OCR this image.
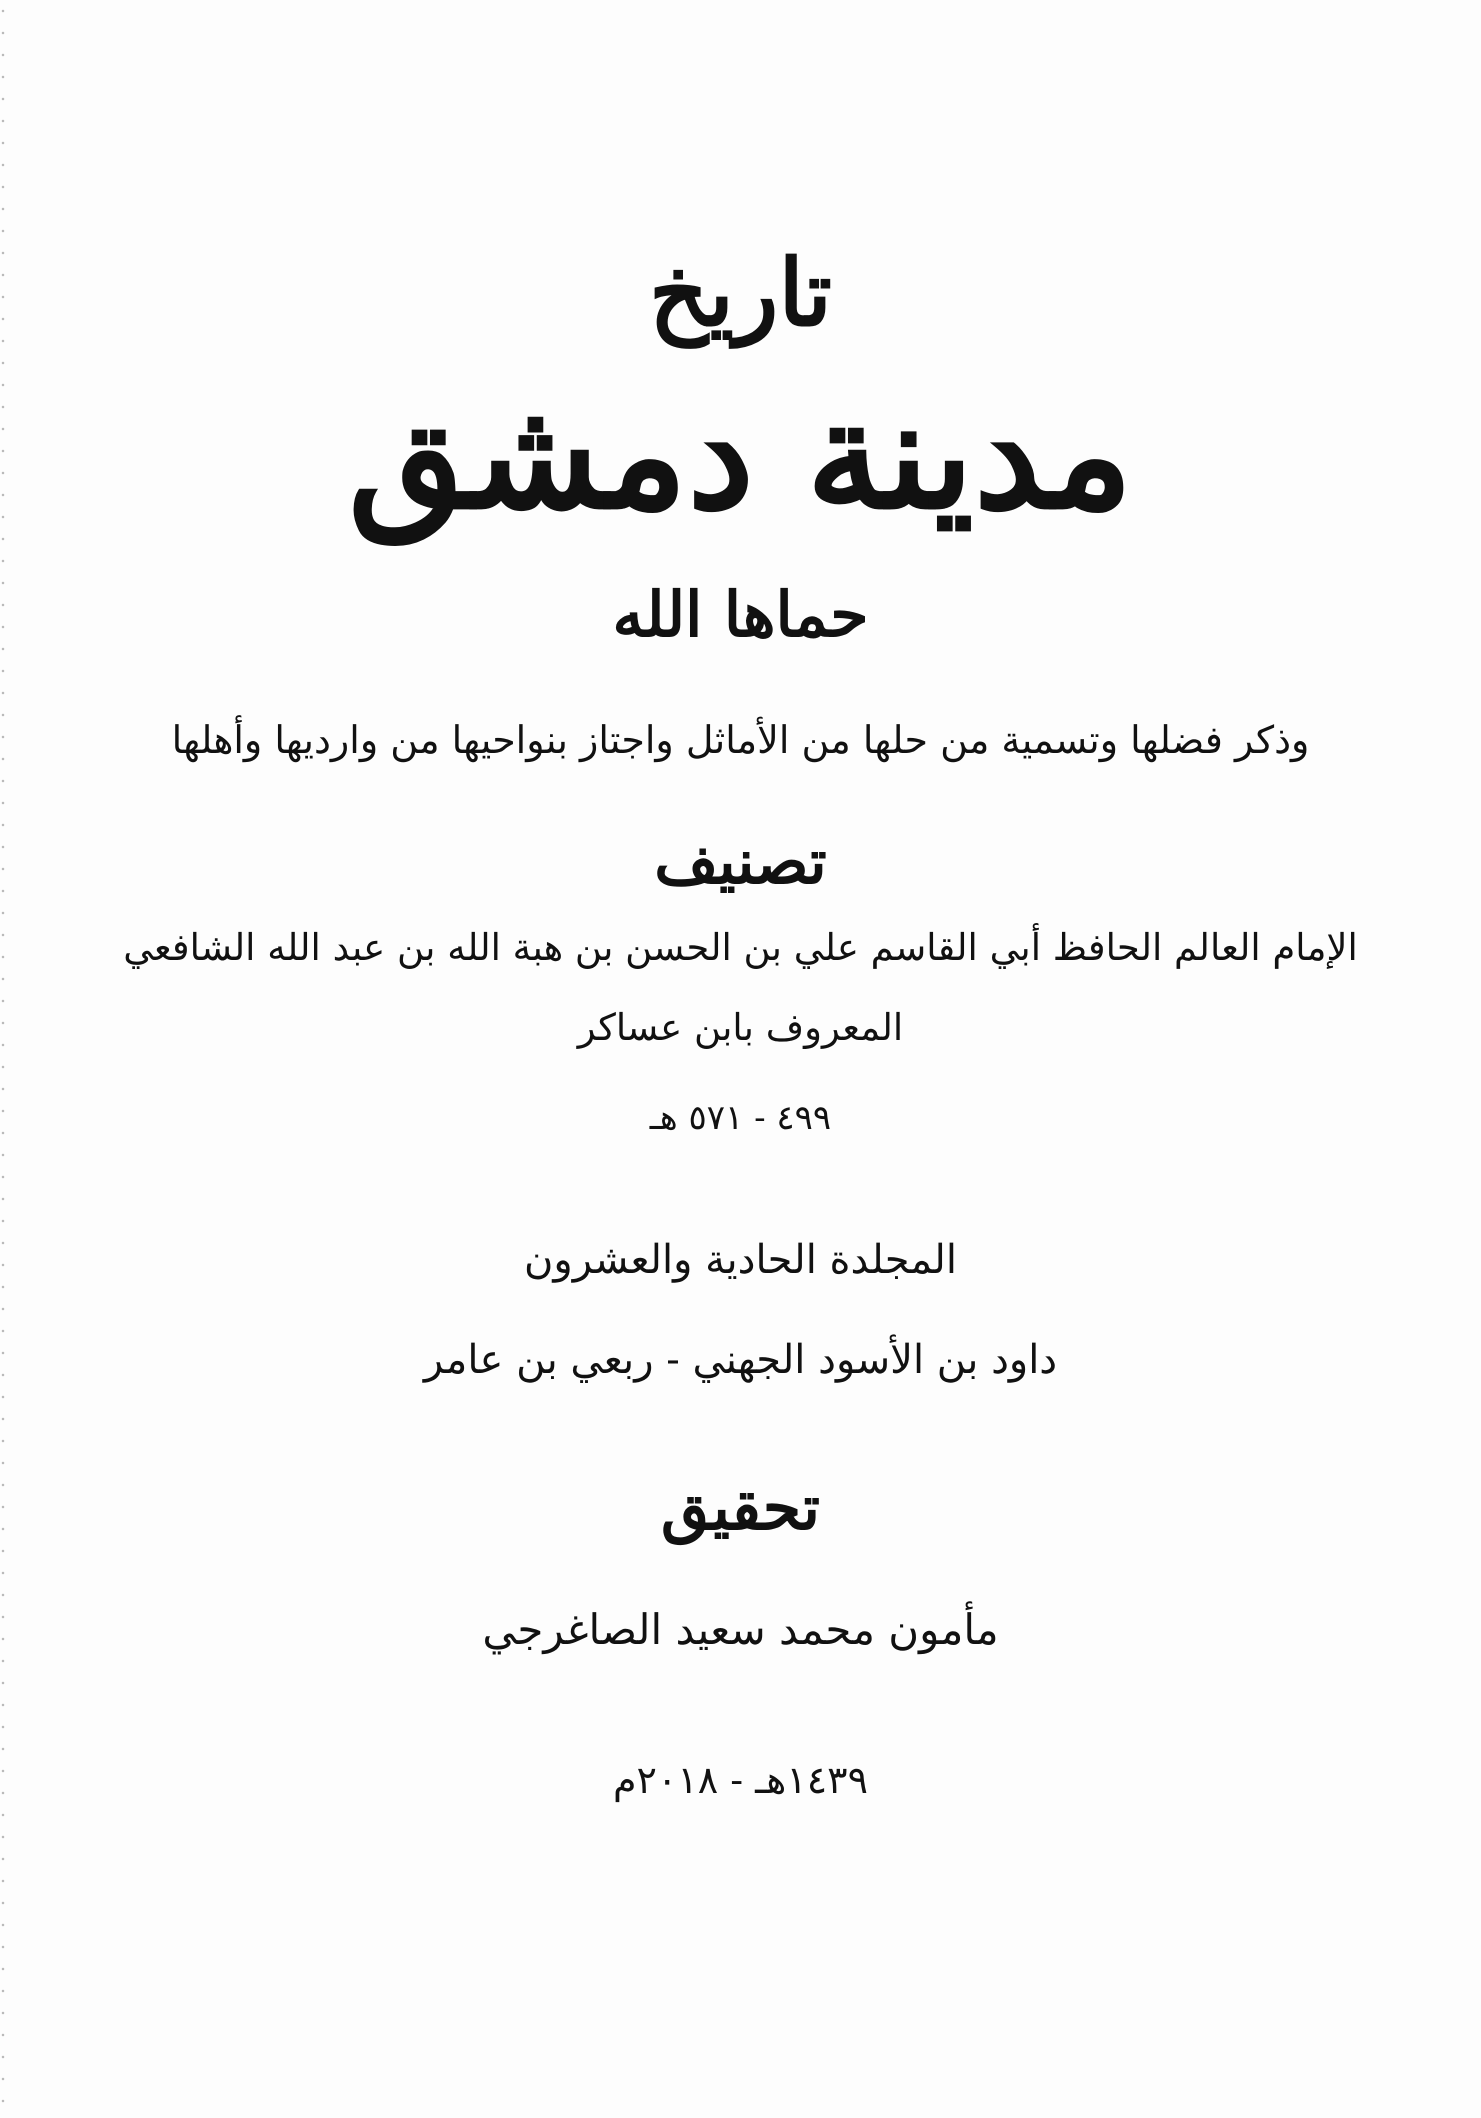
تاريخ
مدينة دمشق
حماها الله
وذكر فضلها وتسمية من حلها من الأماثل واجتاز بنواحيها من وارديها وأهلها
تصنيف
الإمام العالم الحافظ أبي القاسم علي بن الحسن بن هبة الله بن عبد الله الشافعي
المعروف بابن عساكر
٤٩٩ - ٥٧١ هـ
المجلدة الحادية والعشرون
داود بن الأسود الجهني - ربعي بن عامر
تحقيق
مأمون محمد سعيد الصاغرجي
١٤٣٩هـ - ٢٠١٨م
